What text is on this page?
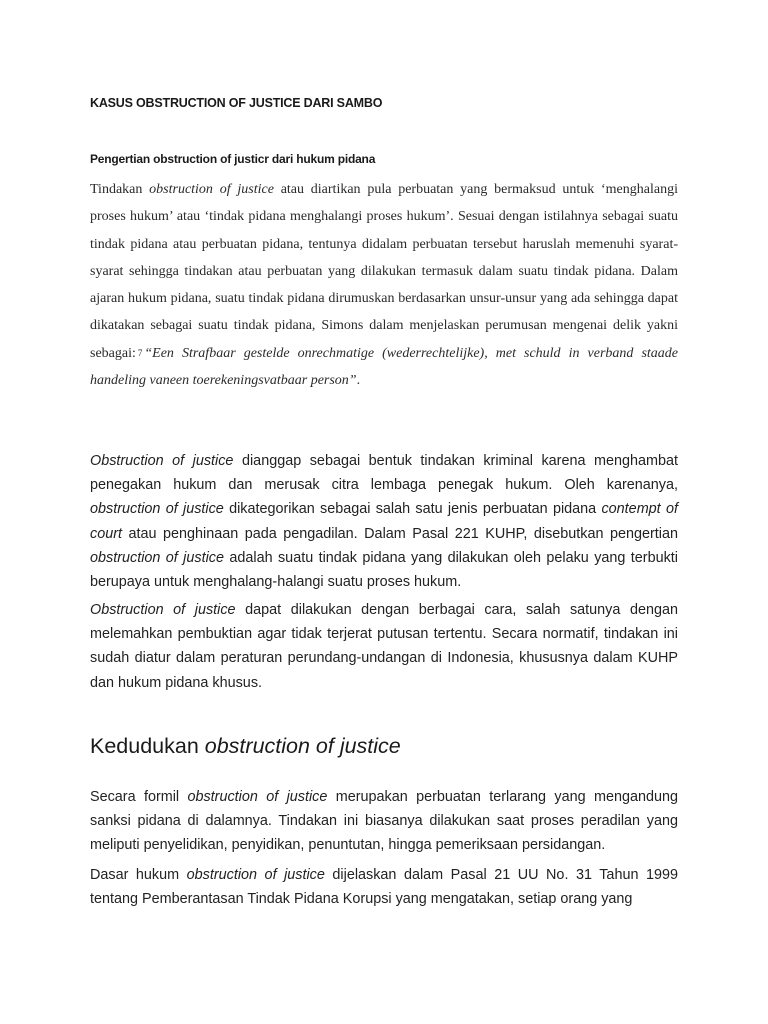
KASUS OBSTRUCTION OF JUSTICE DARI SAMBO
Pengertian obstruction of justicr dari hukum pidana

Tindakan obstruction of justice atau diartikan pula perbuatan yang bermaksud untuk ‘menghalangi proses hukum’ atau ‘tindak pidana menghalangi proses hukum’. Sesuai dengan istilahnya sebagai suatu tindak pidana atau perbuatan pidana, tentunya didalam perbuatan tersebut haruslah memenuhi syarat-syarat sehingga tindakan atau perbuatan yang dilakukan termasuk dalam suatu tindak pidana. Dalam ajaran hukum pidana, suatu tindak pidana dirumuskan berdasarkan unsur-unsur yang ada sehingga dapat dikatakan sebagai suatu tindak pidana, Simons dalam menjelaskan perumusan mengenai delik yakni sebagai: 7 “Een Strafbaar gestelde onrechmatige (wederrechtelijke), met schuld in verband staade handeling vaneen toerekeningsvatbaar person”.

Obstruction of justice dianggap sebagai bentuk tindakan kriminal karena menghambat penegakan hukum dan merusak citra lembaga penegak hukum. Oleh karenanya, obstruction of justice dikategorikan sebagai salah satu jenis perbuatan pidana contempt of court atau penghinaan pada pengadilan. Dalam Pasal 221 KUHP, disebutkan pengertian obstruction of justice adalah suatu tindak pidana yang dilakukan oleh pelaku yang terbukti berupaya untuk menghalang-halangi suatu proses hukum.

Obstruction of justice dapat dilakukan dengan berbagai cara, salah satunya dengan melemahkan pembuktian agar tidak terjerat putusan tertentu. Secara normatif, tindakan ini sudah diatur dalam peraturan perundang-undangan di Indonesia, khususnya dalam KUHP dan hukum pidana khusus.

Kedudukan obstruction of justice

Secara formil obstruction of justice merupakan perbuatan terlarang yang mengandung sanksi pidana di dalamnya. Tindakan ini biasanya dilakukan saat proses peradilan yang meliputi penyelidikan, penyidikan, penuntutan, hingga pemeriksaan persidangan.

Dasar hukum obstruction of justice dijelaskan dalam Pasal 21 UU No. 31 Tahun 1999 tentang Pemberantasan Tindak Pidana Korupsi yang mengatakan, setiap orang yang
